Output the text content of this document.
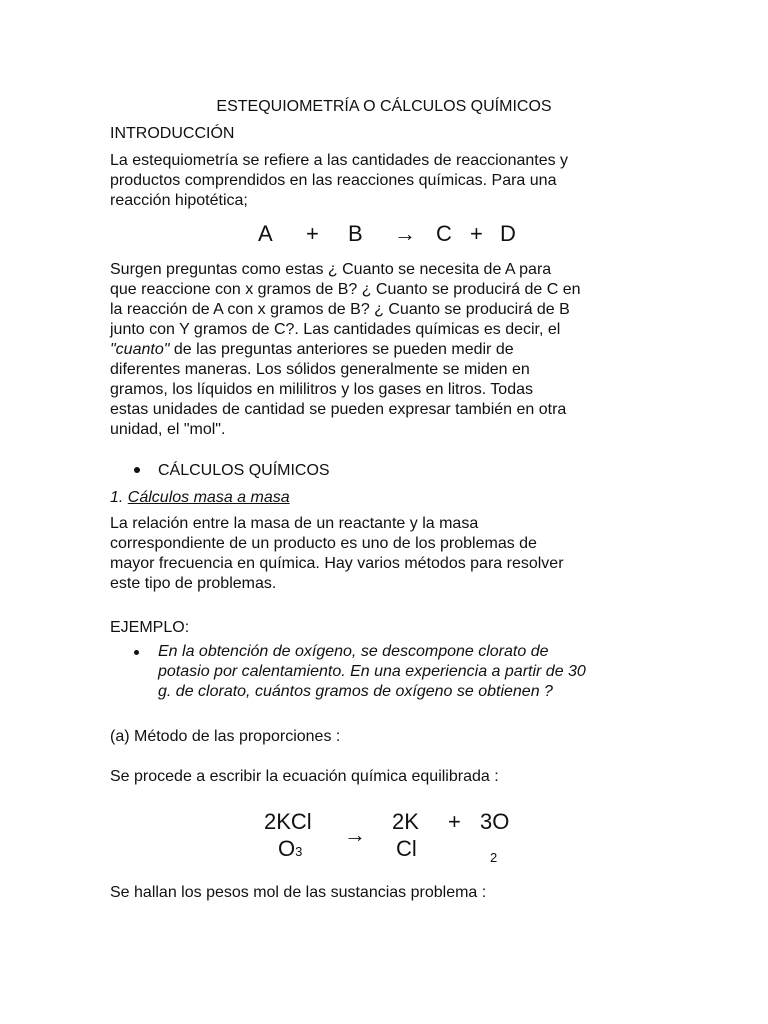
ESTEQUIOMETRÍA O CÁLCULOS QUÍMICOS
INTRODUCCIÓN

La estequiometría se refiere a las cantidades de reaccionantes y

productos comprendidos en las reacciones químicas. Para una

reacción hipotética;

A + B → C + D

Surgen preguntas como estas ¿ Cuanto se necesita de A para

que reaccione con x gramos de B? ¿ Cuanto se producirá de C en

la reacción de A con x gramos de B? ¿ Cuanto se producirá de B

junto con Y gramos de C?. Las cantidades químicas es decir, el

"cuanto" de las preguntas anteriores se pueden medir de

diferentes maneras. Los sólidos generalmente se miden en

gramos, los líquidos en mililitros y los gases en litros. Todas

estas unidades de cantidad se pueden expresar también en otra

unidad, el "mol".

CÁLCULOS QUÍMICOS
1. Cálculos masa a masa

La relación entre la masa de un reactante y la masa

correspondiente de un producto es uno de los problemas de

mayor frecuencia en química. Hay varios métodos para resolver

este tipo de problemas.

EJEMPLO:

En la obtención de oxígeno, se descompone clorato de

potasio por calentamiento. En una experiencia a partir de 30

g. de clorato, cuántos gramos de oxígeno se obtienen ?

(a) Método de las proporciones :
Se procede a escribir la ecuación química equilibrada :
2KCl
O3
→
2K
Cl
+ 3O
2
Se hallan los pesos mol de las sustancias problema :
